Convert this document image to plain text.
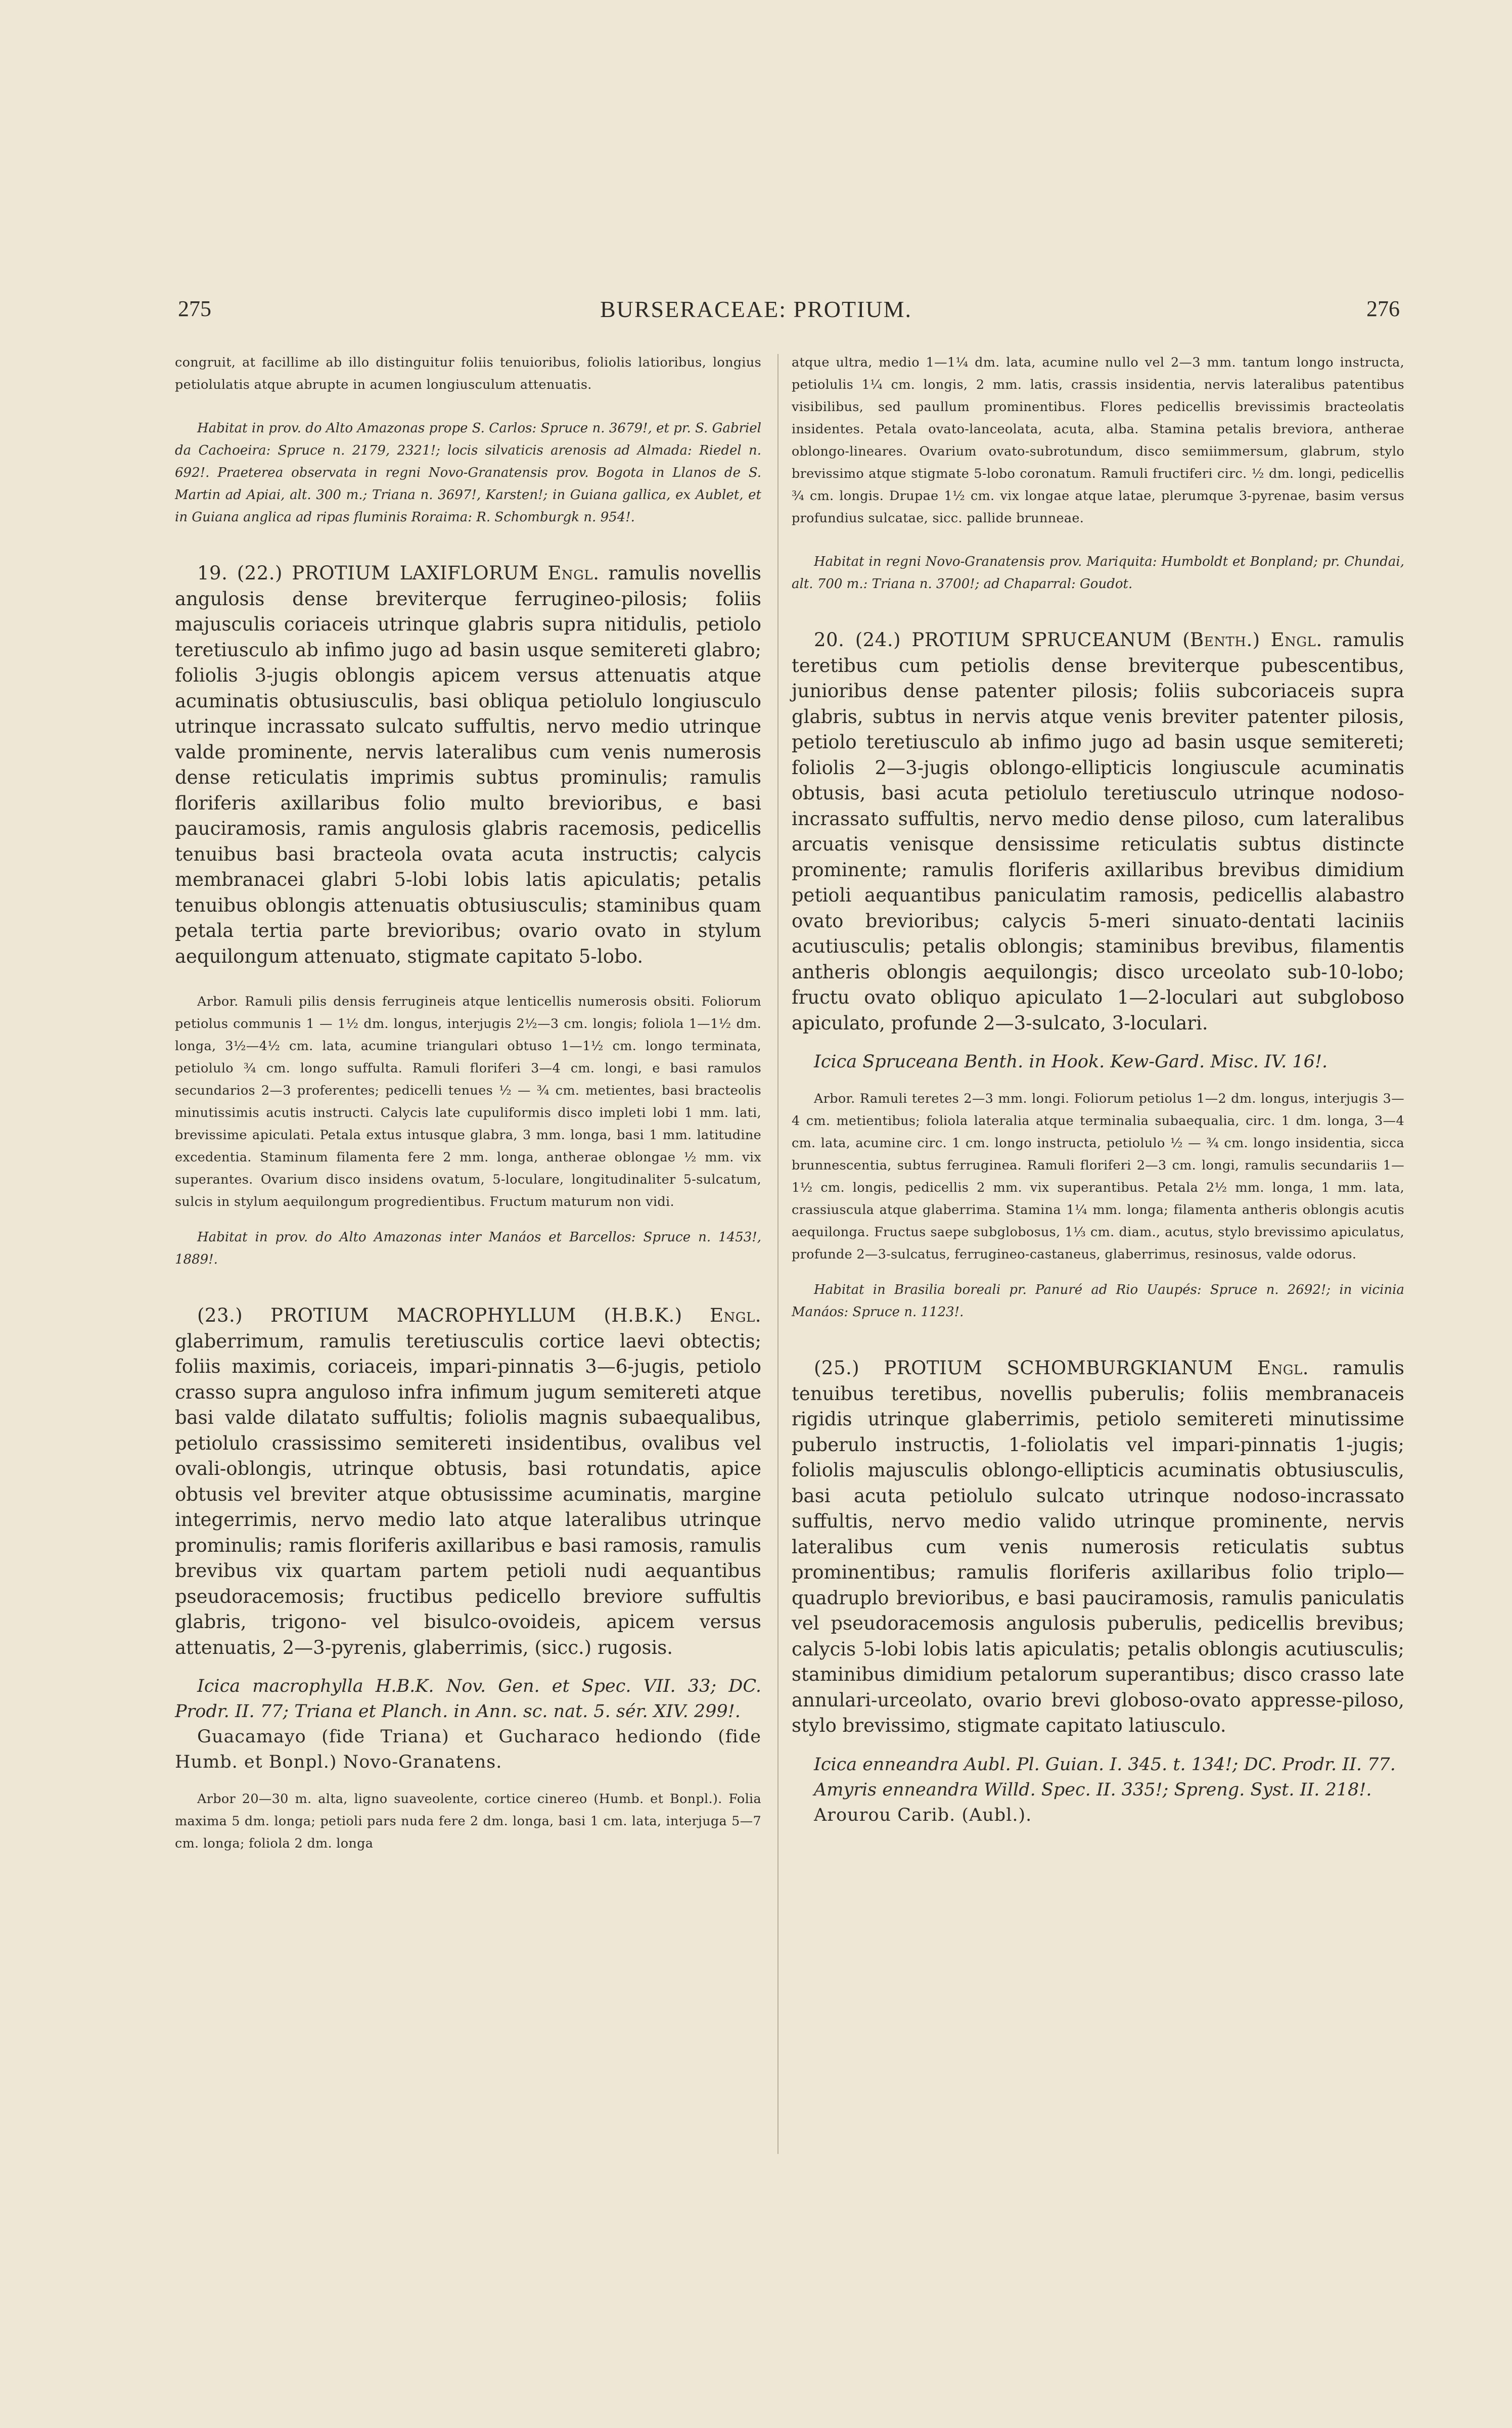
275	BURSERACEAE: PROTIUM.	276

congruit, at facillime ab illo distinguitur foliis tenuioribus, foliolis latioribus, longius petiolulatis atque abrupte in acumen longiusculum attenuatis.

Habitat in prov. do Alto Amazonas prope S. Carlos: Spruce n. 3679!, et pr. S. Gabriel da Cachoeira: Spruce n. 2179, 2321!; locis silvaticis arenosis ad Almada: Riedel n. 692!. Praeterea observata in regni Novo-Granatensis prov. Bogota in Llanos de S. Martin ad Apiai, alt. 300 m.; Triana n. 3697!, Karsten!; in Guiana gallica, ex Aublet, et in Guiana anglica ad ripas fluminis Roraima: R. Schomburgk n. 954!.

19. (22.) PROTIUM LAXIFLORUM Engl. ramulis novellis angulosis dense breviterque ferrugineo-pilosis; foliis majusculis coriaceis utrinque glabris supra nitidulis, petiolo teretiusculo ab infimo jugo ad basin usque semitereti glabro; foliolis 3-jugis oblongis apicem versus attenuatis atque acuminatis obtusiusculis, basi obliqua petiolulo longiusculo utrinque incrassato sulcato suffultis, nervo medio utrinque valde prominente, nervis lateralibus cum venis numerosis dense reticulatis imprimis subtus prominulis; ramulis floriferis axillaribus folio multo brevioribus, e basi pauciramosis, ramis angulosis glabris racemosis, pedicellis tenuibus basi bracteola ovata acuta instructis; calycis membranacei glabri 5-lobi lobis latis apiculatis; petalis tenuibus oblongis attenuatis obtusiusculis; staminibus quam petala tertia parte brevioribus; ovario ovato in stylum aequilongum attenuato, stigmate capitato 5-lobo.

Arbor. Ramuli pilis densis ferrugineis atque lenticellis numerosis obsiti. Foliorum petiolus communis 1 — 1½ dm. longus, interjugis 2½—3 cm. longis; foliola 1—1½ dm. longa, 3½—4½ cm. lata, acumine triangulari obtuso 1—1½ cm. longo terminata, petiolulo ¾ cm. longo suffulta. Ramuli floriferi 3—4 cm. longi, e basi ramulos secundarios 2—3 proferentes; pedicelli tenues ½ — ¾ cm. metientes, basi bracteolis minutissimis acutis instructi. Calycis late cupuliformis disco impleti lobi 1 mm. lati, brevissime apiculati. Petala extus intusque glabra, 3 mm. longa, basi 1 mm. latitudine excedentia. Staminum filamenta fere 2 mm. longa, antherae oblongae ½ mm. vix superantes. Ovarium disco insidens ovatum, 5-loculare, longitudinaliter 5-sulcatum, sulcis in stylum aequilongum progredientibus. Fructum maturum non vidi.

Habitat in prov. do Alto Amazonas inter Manáos et Barcellos: Spruce n. 1453!, 1889!.

(23.) PROTIUM MACROPHYLLUM (H.B.K.) Engl. glaberrimum, ramulis teretiusculis cortice laevi obtectis; foliis maximis, coriaceis, impari-pinnatis 3—6-jugis, petiolo crasso supra anguloso infra infimum jugum semitereti atque basi valde dilatato suffultis; foliolis magnis subaequalibus, petiolulo crassissimo semitereti insidentibus, ovalibus vel ovali-oblongis, utrinque obtusis, basi rotundatis, apice obtusis vel breviter atque obtusissime acuminatis, margine integerrimis, nervo medio lato atque lateralibus utrinque prominulis; ramis floriferis axillaribus e basi ramosis, ramulis brevibus vix quartam partem petioli nudi aequantibus pseudoracemosis; fructibus pedicello breviore suffultis glabris, trigono- vel bisulco-ovoideis, apicem versus attenuatis, 2—3-pyrenis, glaberrimis, (sicc.) rugosis.

Icica macrophylla H.B.K. Nov. Gen. et Spec. VII. 33; DC. Prodr. II. 77; Triana et Planch. in Ann. sc. nat. 5. sér. XIV. 299!.

Guacamayo (fide Triana) et Gucharaco hediondo (fide Humb. et Bonpl.) Novo-Granatens.

Arbor 20—30 m. alta, ligno suaveolente, cortice cinereo (Humb. et Bonpl.). Folia maxima 5 dm. longa; petioli pars nuda fere 2 dm. longa, basi 1 cm. lata, interjuga 5—7 cm. longa; foliola 2 dm. longa

atque ultra, medio 1—1¼ dm. lata, acumine nullo vel 2—3 mm. tantum longo instructa, petiolulis 1¼ cm. longis, 2 mm. latis, crassis insidentia, nervis lateralibus patentibus visibilibus, sed paullum prominentibus. Flores pedicellis brevissimis bracteolatis insidentes. Petala ovato-lanceolata, acuta, alba. Stamina petalis breviora, antherae oblongo-lineares. Ovarium ovato-subrotundum, disco semiimmersum, glabrum, stylo brevissimo atque stigmate 5-lobo coronatum. Ramuli fructiferi circ. ½ dm. longi, pedicellis ¾ cm. longis. Drupae 1½ cm. vix longae atque latae, plerumque 3-pyrenae, basim versus profundius sulcatae, sicc. pallide brunneae.

Habitat in regni Novo-Granatensis prov. Mariquita: Humboldt et Bonpland; pr. Chundai, alt. 700 m.: Triana n. 3700!; ad Chaparral: Goudot.

20. (24.) PROTIUM SPRUCEANUM (Benth.) Engl. ramulis teretibus cum petiolis dense breviterque pubescentibus, junioribus dense patenter pilosis; foliis subcoriaceis supra glabris, subtus in nervis atque venis breviter patenter pilosis, petiolo teretiusculo ab infimo jugo ad basin usque semitereti; foliolis 2—3-jugis oblongo-ellipticis longiuscule acuminatis obtusis, basi acuta petiolulo teretiusculo utrinque nodoso-incrassato suffultis, nervo medio dense piloso, cum lateralibus arcuatis venisque densissime reticulatis subtus distincte prominente; ramulis floriferis axillaribus brevibus dimidium petioli aequantibus paniculatim ramosis, pedicellis alabastro ovato brevioribus; calycis 5-meri sinuato-dentati laciniis acutiusculis; petalis oblongis; staminibus brevibus, filamentis antheris oblongis aequilongis; disco urceolato sub-10-lobo; fructu ovato obliquo apiculato 1—2-loculari aut subgloboso apiculato, profunde 2—3-sulcato, 3-loculari.

Icica Spruceana Benth. in Hook. Kew-Gard. Misc. IV. 16!.

Arbor. Ramuli teretes 2—3 mm. longi. Foliorum petiolus 1—2 dm. longus, interjugis 3—4 cm. metientibus; foliola lateralia atque terminalia subaequalia, circ. 1 dm. longa, 3—4 cm. lata, acumine circ. 1 cm. longo instructa, petiolulo ½ — ¾ cm. longo insidentia, sicca brunnescentia, subtus ferruginea. Ramuli floriferi 2—3 cm. longi, ramulis secundariis 1—1½ cm. longis, pedicellis 2 mm. vix superantibus. Petala 2½ mm. longa, 1 mm. lata, crassiuscula atque glaberrima. Stamina 1¼ mm. longa; filamenta antheris oblongis acutis aequilonga. Fructus saepe subglobosus, 1⅓ cm. diam., acutus, stylo brevissimo apiculatus, profunde 2—3-sulcatus, ferrugineo-castaneus, glaberrimus, resinosus, valde odorus.

Habitat in Brasilia boreali pr. Panuré ad Rio Uaupés: Spruce n. 2692!; in vicinia Manáos: Spruce n. 1123!.

(25.) PROTIUM SCHOMBURGKIANUM Engl. ramulis tenuibus teretibus, novellis puberulis; foliis membranaceis rigidis utrinque glaberrimis, petiolo semitereti minutissime puberulo instructis, 1-foliolatis vel impari-pinnatis 1-jugis; foliolis majusculis oblongo-ellipticis acuminatis obtusiusculis, basi acuta petiolulo sulcato utrinque nodoso-incrassato suffultis, nervo medio valido utrinque prominente, nervis lateralibus cum venis numerosis reticulatis subtus prominentibus; ramulis floriferis axillaribus folio triplo—quadruplo brevioribus, e basi pauciramosis, ramulis paniculatis vel pseudoracemosis angulosis puberulis, pedicellis brevibus; calycis 5-lobi lobis latis apiculatis; petalis oblongis acutiusculis; staminibus dimidium petalorum superantibus; disco crasso late annulari-urceolato, ovario brevi globoso-ovato appresse-piloso, stylo brevissimo, stigmate capitato latiusculo.

Icica enneandra Aubl. Pl. Guian. I. 345. t. 134!; DC. Prodr. II. 77.

Amyris enneandra Willd. Spec. II. 335!; Spreng. Syst. II. 218!.

Arourou Carib. (Aubl.).
